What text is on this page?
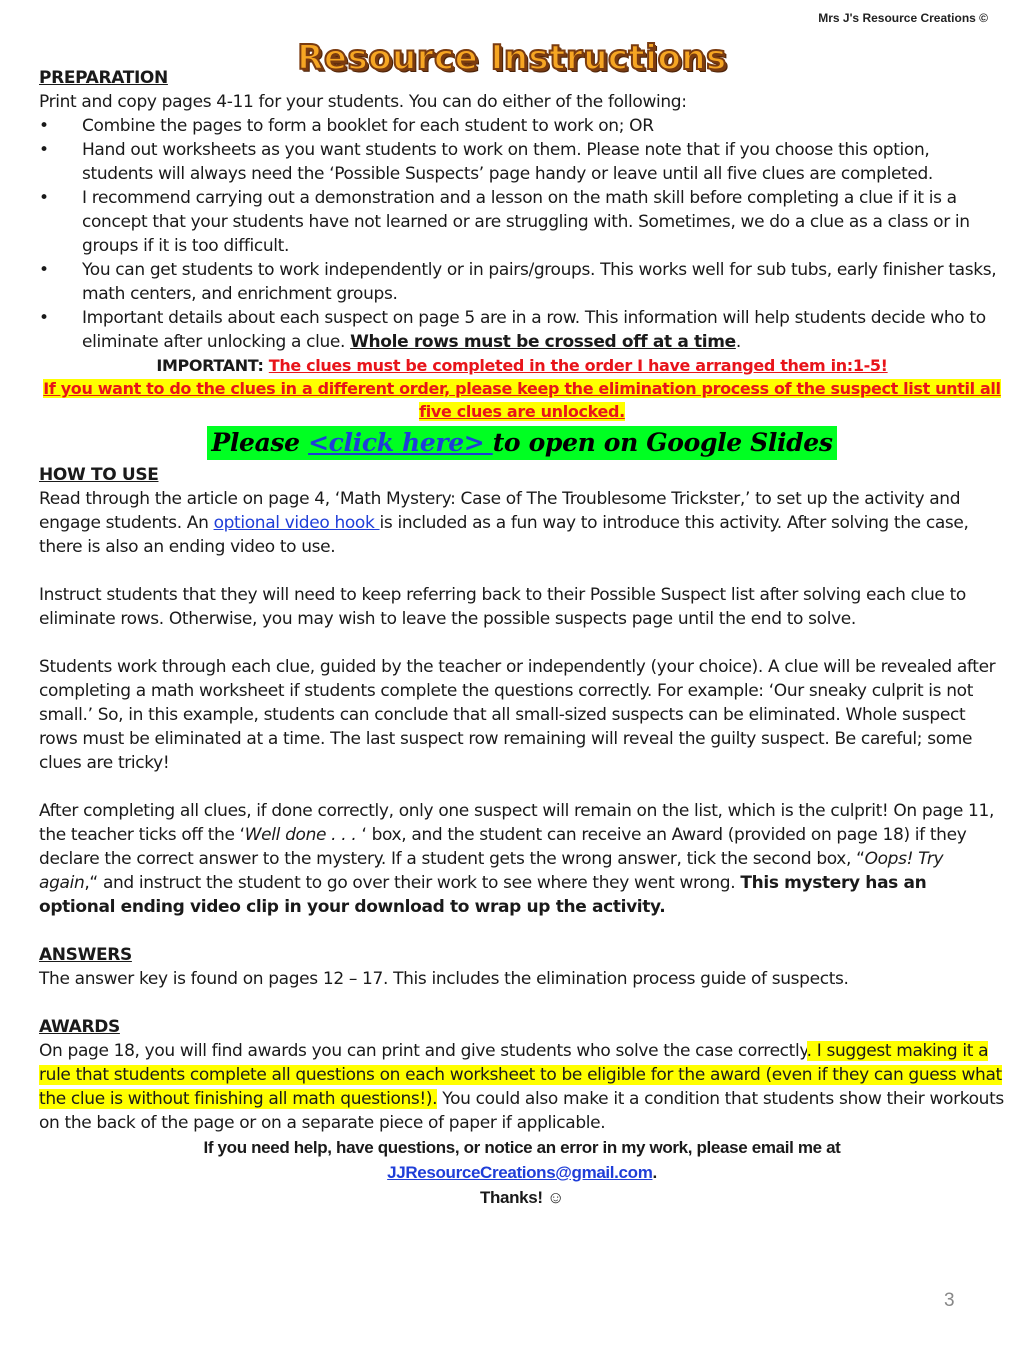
Mrs J's Resource Creations ©
Resource Instructions

PREPARATION

Print and copy pages 4-11 for your students. You can do either of the following:

•	Combine the pages to form a booklet for each student to work on; OR
•	Hand out worksheets as you want students to work on them. Please note that if you choose this option, students will always need the ‘Possible Suspects’ page handy or leave until all five clues are completed.
•	I recommend carrying out a demonstration and a lesson on the math skill before completing a clue if it is a concept that your students have not learned or are struggling with. Sometimes, we do a clue as a class or in groups if it is too difficult.
•	You can get students to work independently or in pairs/groups. This works well for sub tubs, early finisher tasks, math centers, and enrichment groups.
•	Important details about each suspect on page 5 are in a row. This information will help students decide who to eliminate after unlocking a clue. Whole rows must be crossed off at a time.

IMPORTANT: The clues must be completed in the order I have arranged them in:1-5!

If you want to do the clues in a different order, please keep the elimination process of the suspect list until all five clues are unlocked.

Please <click here> to open on Google Slides

HOW TO USE

Read through the article on page 4, ‘Math Mystery: Case of The Troublesome Trickster,’ to set up the activity and engage students. An optional video hook is included as a fun way to introduce this activity. After solving the case, there is also an ending video to use.

Instruct students that they will need to keep referring back to their Possible Suspect list after solving each clue to eliminate rows. Otherwise, you may wish to leave the possible suspects page until the end to solve.

Students work through each clue, guided by the teacher or independently (your choice). A clue will be revealed after completing a math worksheet if students complete the questions correctly. For example: ‘Our sneaky culprit is not small.’ So, in this example, students can conclude that all small-sized suspects can be eliminated. Whole suspect rows must be eliminated at a time. The last suspect row remaining will reveal the guilty suspect. Be careful; some clues are tricky!

After completing all clues, if done correctly, only one suspect will remain on the list, which is the culprit! On page 11, the teacher ticks off the ‘Well done . . . ‘ box, and the student can receive an Award (provided on page 18) if they declare the correct answer to the mystery. If a student gets the wrong answer, tick the second box, “Oops! Try again,“ and instruct the student to go over their work to see where they went wrong. This mystery has an optional ending video clip in your download to wrap up the activity.

ANSWERS

The answer key is found on pages 12 – 17. This includes the elimination process guide of suspects.

AWARDS

On page 18, you will find awards you can print and give students who solve the case correctly. I suggest making it a rule that students complete all questions on each worksheet to be eligible for the award (even if they can guess what the clue is without finishing all math questions!). You could also make it a condition that students show their workouts on the back of the page or on a separate piece of paper if applicable.

If you need help, have questions, or notice an error in my work, please email me at

JJResourceCreations@gmail.com.

Thanks! ☺

3
